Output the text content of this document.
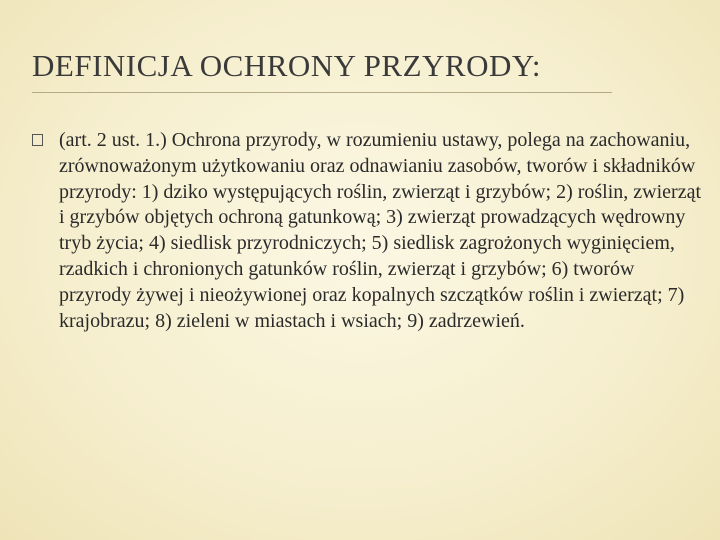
DEFINICJA OCHRONY PRZYRODY:
(art. 2 ust. 1.) Ochrona przyrody, w rozumieniu ustawy, polega na zachowaniu, zrównoważonym użytkowaniu oraz odnawianiu zasobów, tworów i składników przyrody: 1) dziko występujących roślin, zwierząt i grzybów; 2) roślin, zwierząt i grzybów objętych ochroną gatunkową; 3) zwierząt prowadzących wędrowny tryb życia; 4) siedlisk przyrodniczych; 5) siedlisk zagrożonych wyginięciem, rzadkich i chronionych gatunków roślin, zwierząt i grzybów; 6) tworów przyrody żywej i nieożywionej oraz kopalnych szczątków roślin i zwierząt; 7) krajobrazu; 8) zieleni w miastach i wsiach; 9) zadrzewień.
